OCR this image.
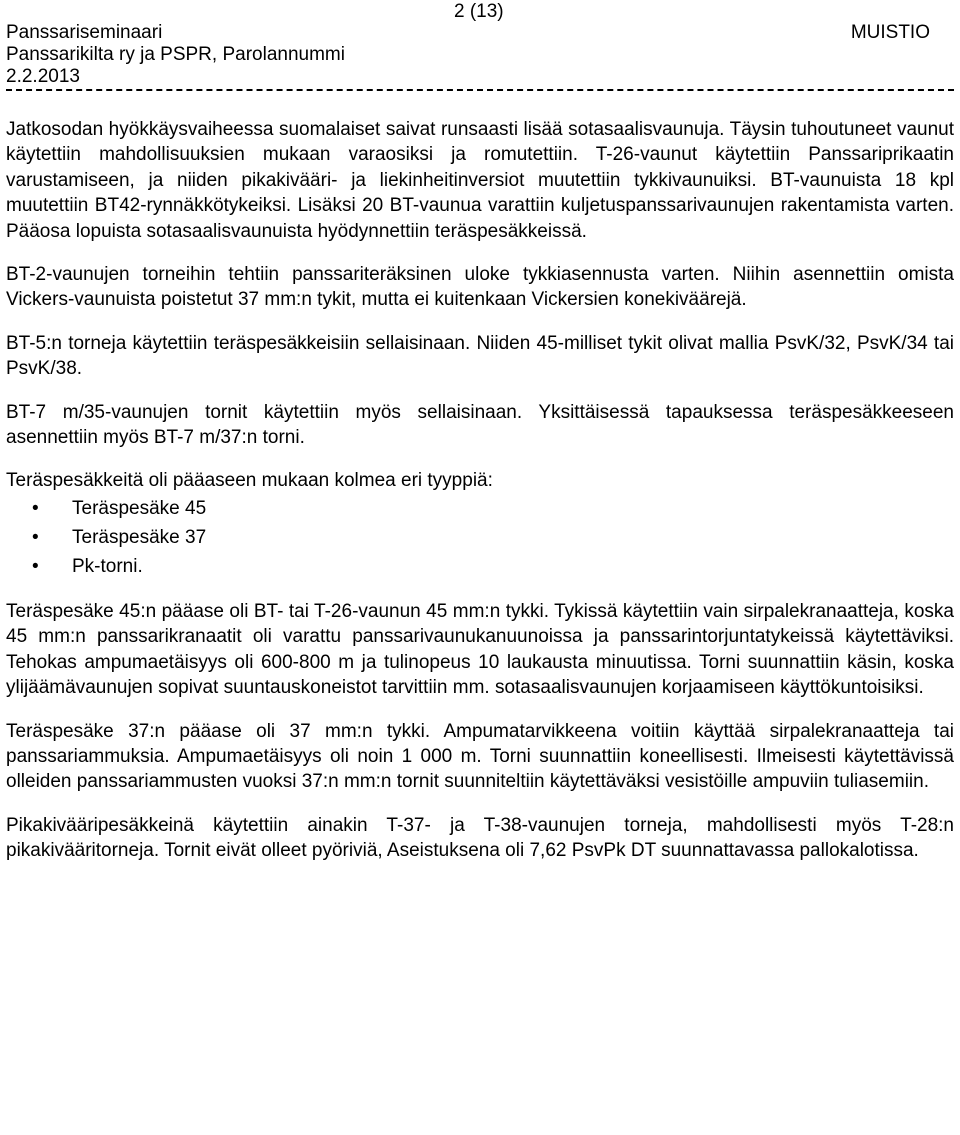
2 (13)
Panssariseminaari
Panssarikilta ry ja PSPR, Parolannummi
2.2.2013
MUISTIO

Jatkosodan hyökkäysvaiheessa suomalaiset saivat runsaasti lisää sotasaalisvaunuja. Täysin tuhoutuneet vaunut käytettiin mahdollisuuksien mukaan varaosiksi ja romutettiin. T-26-vaunut käytettiin Panssariprikaatin varustamiseen, ja niiden pikakivääri- ja liekinheitinversiot muutettiin tykkivaunuiksi. BT-vaunuista 18 kpl muutettiin BT42-rynnäkkötykeiksi. Lisäksi 20 BT-vaunua varattiin kuljetuspanssarivaunujen rakentamista varten. Pääosa lopuista sotasaalisvaunuista hyödynnettiin teräspesäkkeissä.

BT-2-vaunujen torneihin tehtiin panssariteräksinen uloke tykkiasennusta varten. Niihin asennettiin omista Vickers-vaunuista poistetut 37 mm:n tykit, mutta ei kuitenkaan Vickersien konekiväärejä.

BT-5:n torneja käytettiin teräspesäkkeisiin sellaisinaan. Niiden 45-milliset tykit olivat mallia PsvK/32, PsvK/34 tai PsvK/38.

BT-7 m/35-vaunujen tornit käytettiin myös sellaisinaan. Yksittäisessä tapauksessa teräspesäkkeeseen asennettiin myös BT-7 m/37:n torni.

Teräspesäkkeitä oli pääaseen mukaan kolmea eri tyyppiä:

• Teräspesäke 45
• Teräspesäke 37
• Pk-torni.

Teräspesäke 45:n pääase oli BT- tai T-26-vaunun 45 mm:n tykki. Tykissä käytettiin vain sirpalekranaatteja, koska 45 mm:n panssarikranaatit oli varattu panssarivaunukanuunoissa ja panssarintorjuntatykeissä käytettäviksi. Tehokas ampumaetäisyys oli 600-800 m ja tulinopeus 10 laukausta minuutissa. Torni suunnattiin käsin, koska ylijäämävaunujen sopivat suuntauskoneistot tarvittiin mm. sotasaalisvaunujen korjaamiseen käyttökuntoisiksi.

Teräspesäke 37:n pääase oli 37 mm:n tykki. Ampumatarvikkeena voitiin käyttää sirpalekranaatteja tai panssariammuksia. Ampumaetäisyys oli noin 1 000 m. Torni suunnattiin koneellisesti. Ilmeisesti käytettävissä olleiden panssariammusten vuoksi 37:n mm:n tornit suunniteltiin käytettäväksi vesistöille ampuviin tuliasemiin.

Pikakivääripesäkkeinä käytettiin ainakin T-37- ja T-38-vaunujen torneja, mahdollisesti myös T-28:n pikakivääritorneja. Tornit eivät olleet pyöriviä, Aseistuksena oli 7,62 PsvPk DT suunnattavassa pallokalotissa.
